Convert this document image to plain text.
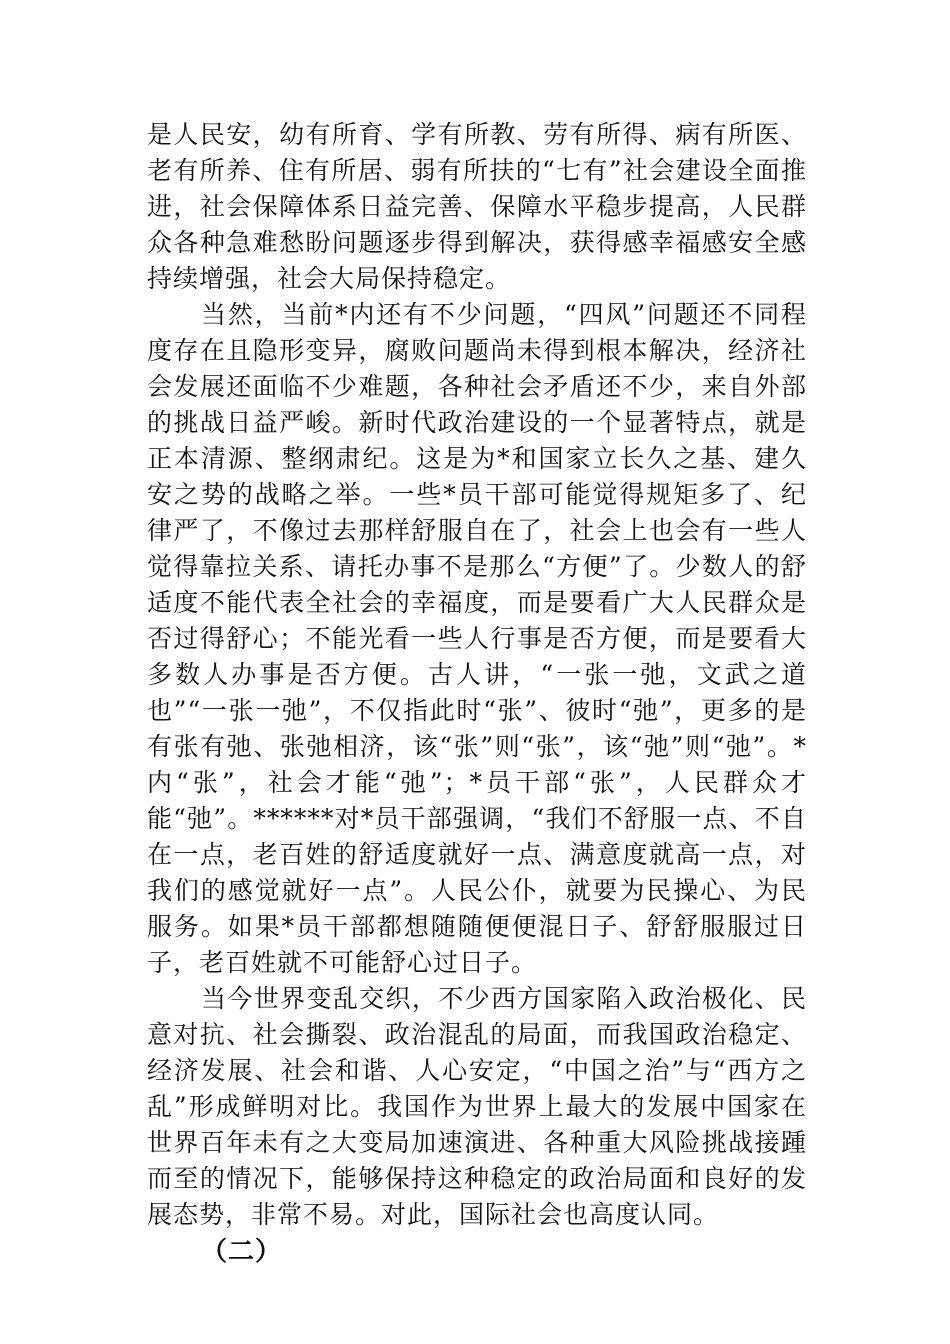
是人民安，幼有所育、学有所教、劳有所得、病有所医、老有所养、住有所居、弱有所扶的“七有”社会建设全面推进，社会保障体系日益完善、保障水平稳步提高，人民群众各种急难愁盼问题逐步得到解决，获得感幸福感安全感持续增强，社会大局保持稳定。

当然，当前*内还有不少问题，“四风”问题还不同程度存在且隐形变异，腐败问题尚未得到根本解决，经济社会发展还面临不少难题，各种社会矛盾还不少，来自外部的挑战日益严峻。新时代政治建设的一个显著特点，就是正本清源、整纲肃纪。这是为*和国家立长久之基、建久安之势的战略之举。一些*员干部可能觉得规矩多了、纪律严了，不像过去那样舒服自在了，社会上也会有一些人觉得靠拉关系、请托办事不是那么“方便”了。少数人的舒适度不能代表全社会的幸福度，而是要看广大人民群众是否过得舒心；不能光看一些人行事是否方便，而是要看大多数人办事是否方便。古人讲，“一张一弛，文武之道也”“一张一弛”，不仅指此时“张”、彼时“弛”，更多的是有张有弛、张弛相济，该“张”则“张”，该“弛”则“弛”。*内“张”，社会才能“弛”；*员干部“张”，人民群众才能“弛”。******对*员干部强调，“我们不舒服一点、不自在一点，老百姓的舒适度就好一点、满意度就高一点，对我们的感觉就好一点”。人民公仆，就要为民操心、为民服务。如果*员干部都想随随便便混日子、舒舒服服过日子，老百姓就不可能舒心过日子。

当今世界变乱交织，不少西方国家陷入政治极化、民意对抗、社会撕裂、政治混乱的局面，而我国政治稳定、经济发展、社会和谐、人心安定，“中国之治”与“西方之乱”形成鲜明对比。我国作为世界上最大的发展中国家在世界百年未有之大变局加速演进、各种重大风险挑战接踵而至的情况下，能够保持这种稳定的政治局面和良好的发展态势，非常不易。对此，国际社会也高度认同。

（二）
